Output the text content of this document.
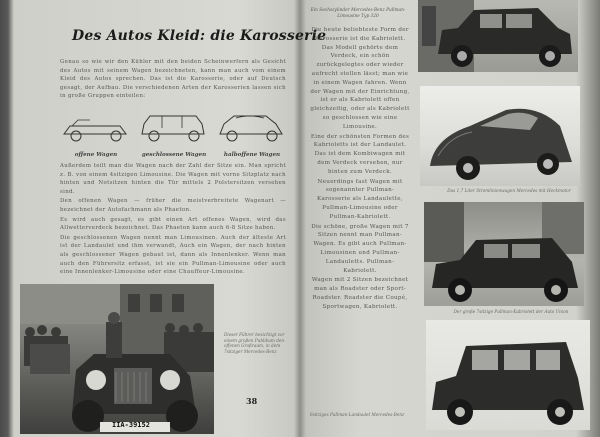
Des Autos Kleid: die Karosserie

Genau so wie wir den Kühler mit den beiden Scheinwerfern als Gesicht des Autos mit seinem Wagen bezeichneten, kann man auch vom einem Kleid des Autos sprechen. Das ist die Karosserie, oder auf Deutsch gesagt, der Aufbau. Die verschiedenen Arten der Karosserien lassen sich in große Gruppen einteilen:

offene Wagen	geschlossene Wagen	halboffene Wagen

Außerdem teilt man die Wagen nach der Zahl der Sitze ein. Man spricht z. B. von einem 4sitzigen Limousine. Die Wagen mit vorne Sitzplatz nach hinten und Notsitzen hinten die Tür mittels 2 Polstersitzen versehen sind.

Den offenen Wagen — früher die meistverbreitete Wagenart — bezeichnet der Autofachmann als Phaeton.

Es wird auch gesagt, es gibt einen Art offenes Wagen, wird das Allwetterverdeck bezeichnet. Das Phaeton kann auch 6-8 Sitze haben.

Die geschlossenen Wagen nennt man Limousinen. Auch der älteste Art ist der Landaulet und ihm verwandt, Auch ein Wagen, der nach hinten als geschlossener Wagen gebaut ist, dann als Innenlenker. Wenn man auch den Führersitz erfasst, ist sie ein Pullman-Limousine oder auch eine Innenlenker-Limousine oder eine Chauffeur-Limousine.

IIA-39152
Dieser Führer besichtigt vor einem großen Publikum den offenen Großraum, in dem 7sitziger Mercedes-Benz
38
Ein Sechszylinder Mercedes-Benz Pullman-Limousine Typ 320

Die heute beliebteste Form der Karosserie ist die Kabriolett. Das Modell gehörte dem Verdeck, ein schön zurückgelegtes oder wieder aufrecht stellen lässt; man wie in einem Wagen fahren. Wenn der Wagen mit der Einrichtung, ist er als Kabriolett offen gleichzeitig, oder als Kabriolett so geschlossen wie eine Limousine.

Eine der schönsten Formen des Kabrioletts ist der Landaulet. Das ist dem Kombiwagen mit dem Verdeck versehen, nur hinten zum Verdeck.

Neuerdings fast Wagen mit sogenannter Pullman-Karosserie als Landaulette, Pullman-Limousine oder Pullman-Kabriolett.

Die schöne, große Wagen mit 7 Sitzen nennt man Pullman-Wagen. Es gibt auch Pullman-Limousinen und Pullman-Landauletts. Pullman-Kabriolett.

Wagen mit 2 Sitzen bezeichnet man als Roadster oder Sport-Roadster. Roadster die Coupé, Sportwagen, Kabriolett.

Das 1,7 Liter Stromlinienwagen Mercedes mit Heckmotor
Der große 7sitzige Pullman-Kabriolett der Auto Union
6sitziges Pullman-Landaulet Mercedes-Benz
